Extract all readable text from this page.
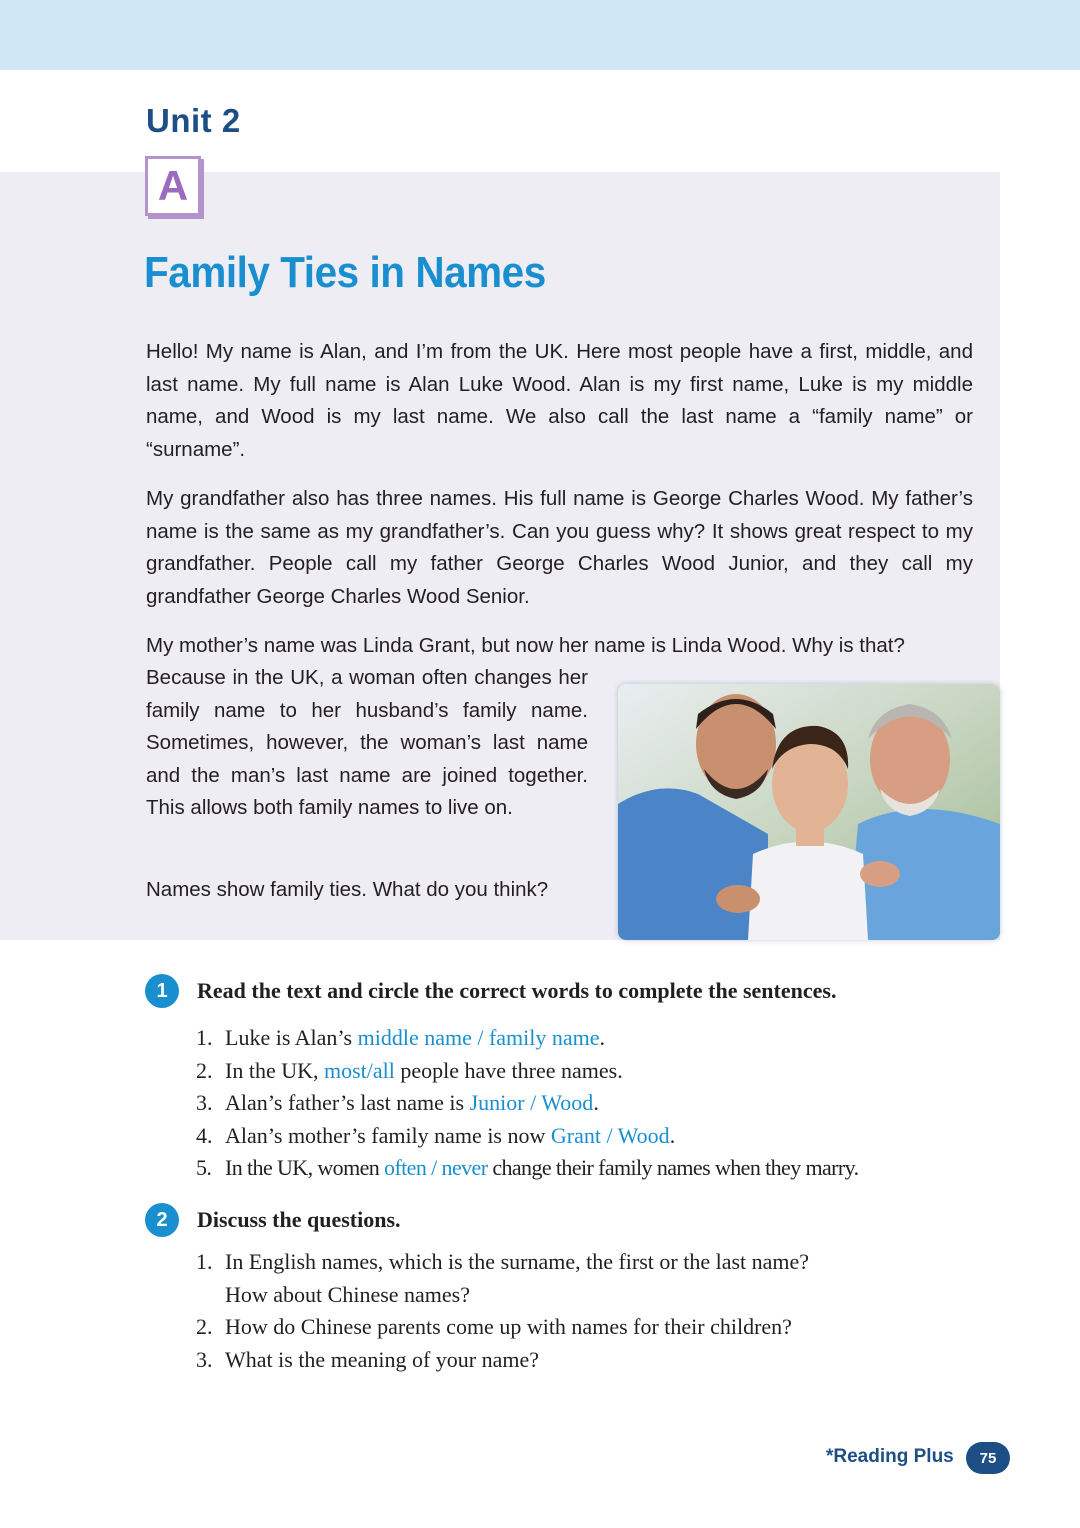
Unit 2
A
Family Ties in Names

Hello! My name is Alan, and I’m from the UK. Here most people have a first, middle, and last name. My full name is Alan Luke Wood. Alan is my first name, Luke is my middle name, and Wood is my last name. We also call the last name a “family name” or “surname”.

My grandfather also has three names. His full name is George Charles Wood. My father’s name is the same as my grandfather’s. Can you guess why? It shows great respect to my grandfather. People call my father George Charles Wood Junior, and they call my grandfather George Charles Wood Senior.

My mother’s name was Linda Grant, but now her name is Linda Wood. Why is that?

Because in the UK, a woman often changes her family name to her husband’s family name. Sometimes, however, the woman’s last name and the man’s last name are joined together. This allows both family names to live on.

Names show family ties. What do you think?

1	Read the text and circle the correct words to complete the sentences.
1. Luke is Alan’s middle name / family name.
2. In the UK, most/all people have three names.
3. Alan’s father’s last name is Junior / Wood.
4. Alan’s mother’s family name is now Grant / Wood.
5. In the UK, women often / never change their family names when they marry.
2	Discuss the questions.
1. In English names, which is the surname, the first or the last name?
How about Chinese names?
2. How do Chinese parents come up with names for their children?
3. What is the meaning of your name?
*Reading Plus	75
